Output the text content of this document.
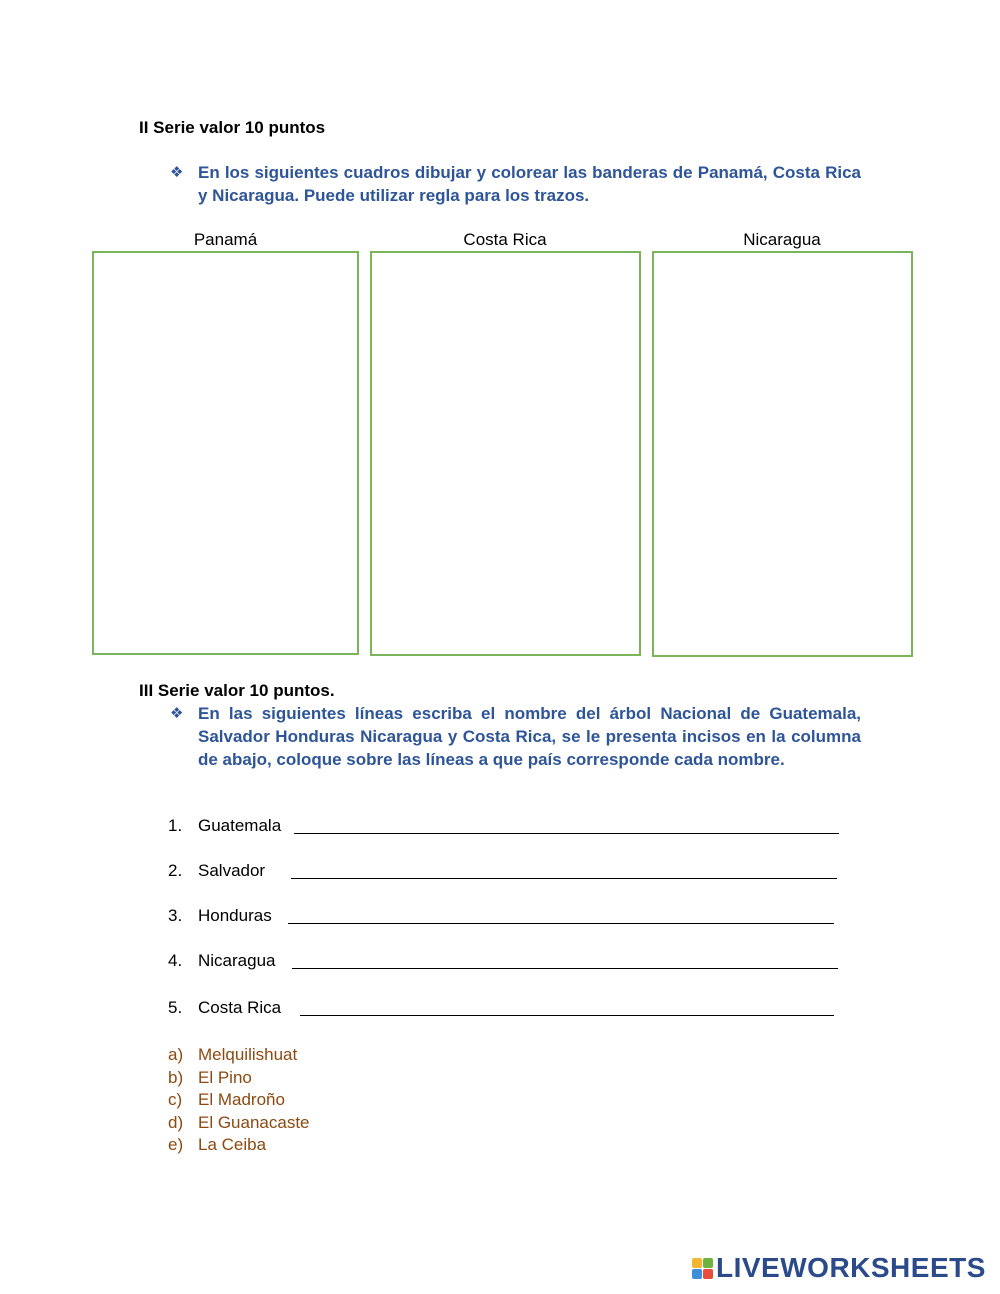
II Serie valor 10 puntos
❖ En los siguientes cuadros dibujar y colorear las banderas de Panamá, Costa Rica y Nicaragua. Puede utilizar regla para los trazos.
Panamá	Costa Rica	Nicaragua
III Serie valor 10 puntos.
❖ En las siguientes líneas escriba el nombre del árbol Nacional de Guatemala, Salvador Honduras Nicaragua y Costa Rica, se le presenta incisos en la columna de abajo, coloque sobre las líneas a que país corresponde cada nombre.
1. Guatemala
2. Salvador
3. Honduras
4. Nicaragua
5. Costa Rica
a) Melquilishuat
b) El Pino
c) El Madroño
d) El Guanacaste
e) La Ceiba
LIVEWORKSHEETS
